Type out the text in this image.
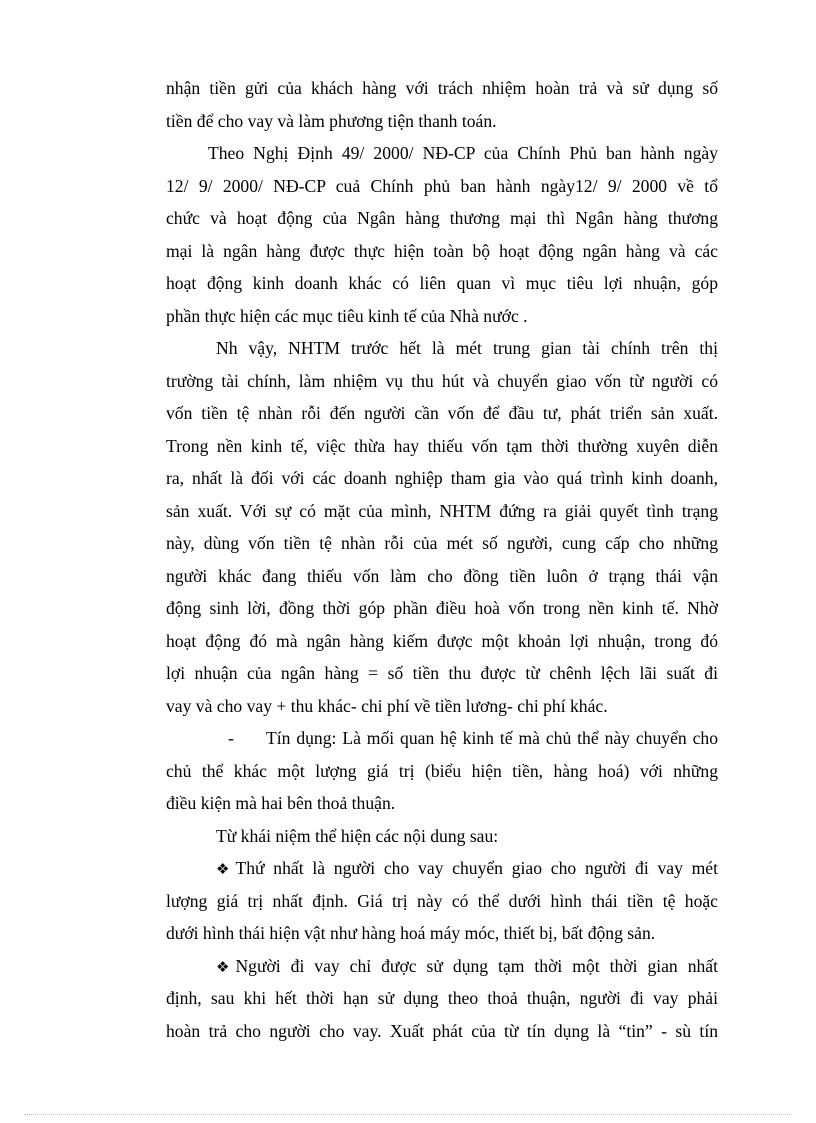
nhận tiền gửi của khách hàng với trách nhiệm hoàn trả và sử dụng số
tiền để cho vay và làm phương tiện thanh toán.
Theo Nghị Định 49/ 2000/ NĐ-CP của Chính Phủ ban hành ngày
12/ 9/ 2000/ NĐ-CP cuả Chính phủ ban hành ngày12/ 9/ 2000 về tổ
chức và hoạt động của Ngân hàng thương mại thì Ngân hàng thương
mại là ngân hàng được thực hiện toàn bộ hoạt động ngân hàng và các
hoạt động kinh doanh khác có liên quan vì mục tiêu lợi nhuận, góp
phần thực hiện các mục tiêu kinh tế của Nhà nước .
Nh vậy, NHTM trước hết là mét trung gian tài chính trên thị
trường tài chính, làm nhiệm vụ thu hút và chuyển giao vốn từ người có
vốn tiền tệ nhàn rỗi đến người cần vốn để đầu tư, phát triển sản xuất.
Trong nền kinh tế, việc thừa hay thiếu vốn tạm thời thường xuyên diễn
ra, nhất là đối với các doanh nghiệp tham gia vào quá trình kinh doanh,
sản xuất. Với sự có mặt của mình, NHTM đứng ra giải quyết tình trạng
này, dùng vốn tiền tệ nhàn rỗi của mét số người, cung cấp cho những
người khác đang thiếu vốn làm cho đồng tiền luôn ở trạng thái vận
động sinh lời, đồng thời góp phần điều hoà vốn trong nền kinh tế. Nhờ
hoạt động đó mà ngân hàng kiếm được một khoản lợi nhuận, trong đó
lợi nhuận của ngân hàng = số tiền thu được từ chênh lệch lãi suất đi
vay và cho vay + thu khác- chi phí về tiền lương- chi phí khác.
-	Tín dụng: Là mối quan hệ kinh tế mà chủ thể này chuyển cho
chủ thể khác một lượng giá trị (biểu hiện tiền, hàng hoá) với những
điều kiện mà hai bên thoả thuận.
Từ khái niệm thể hiện các nội dung sau:
❖ Thứ nhất là người cho vay chuyển giao cho người đi vay mét
lượng giá trị nhất định. Giá trị này có thể dưới hình thái tiền tệ hoặc
dưới hình thái hiện vật như hàng hoá máy móc, thiết bị, bất động sản.
❖ Người đi vay chỉ được sử dụng tạm thời một thời gian nhất
định, sau khi hết thời hạn sử dụng theo thoả thuận, người đi vay phải
hoàn trả cho người cho vay. Xuất phát của từ tín dụng là “tin” - sù tín
